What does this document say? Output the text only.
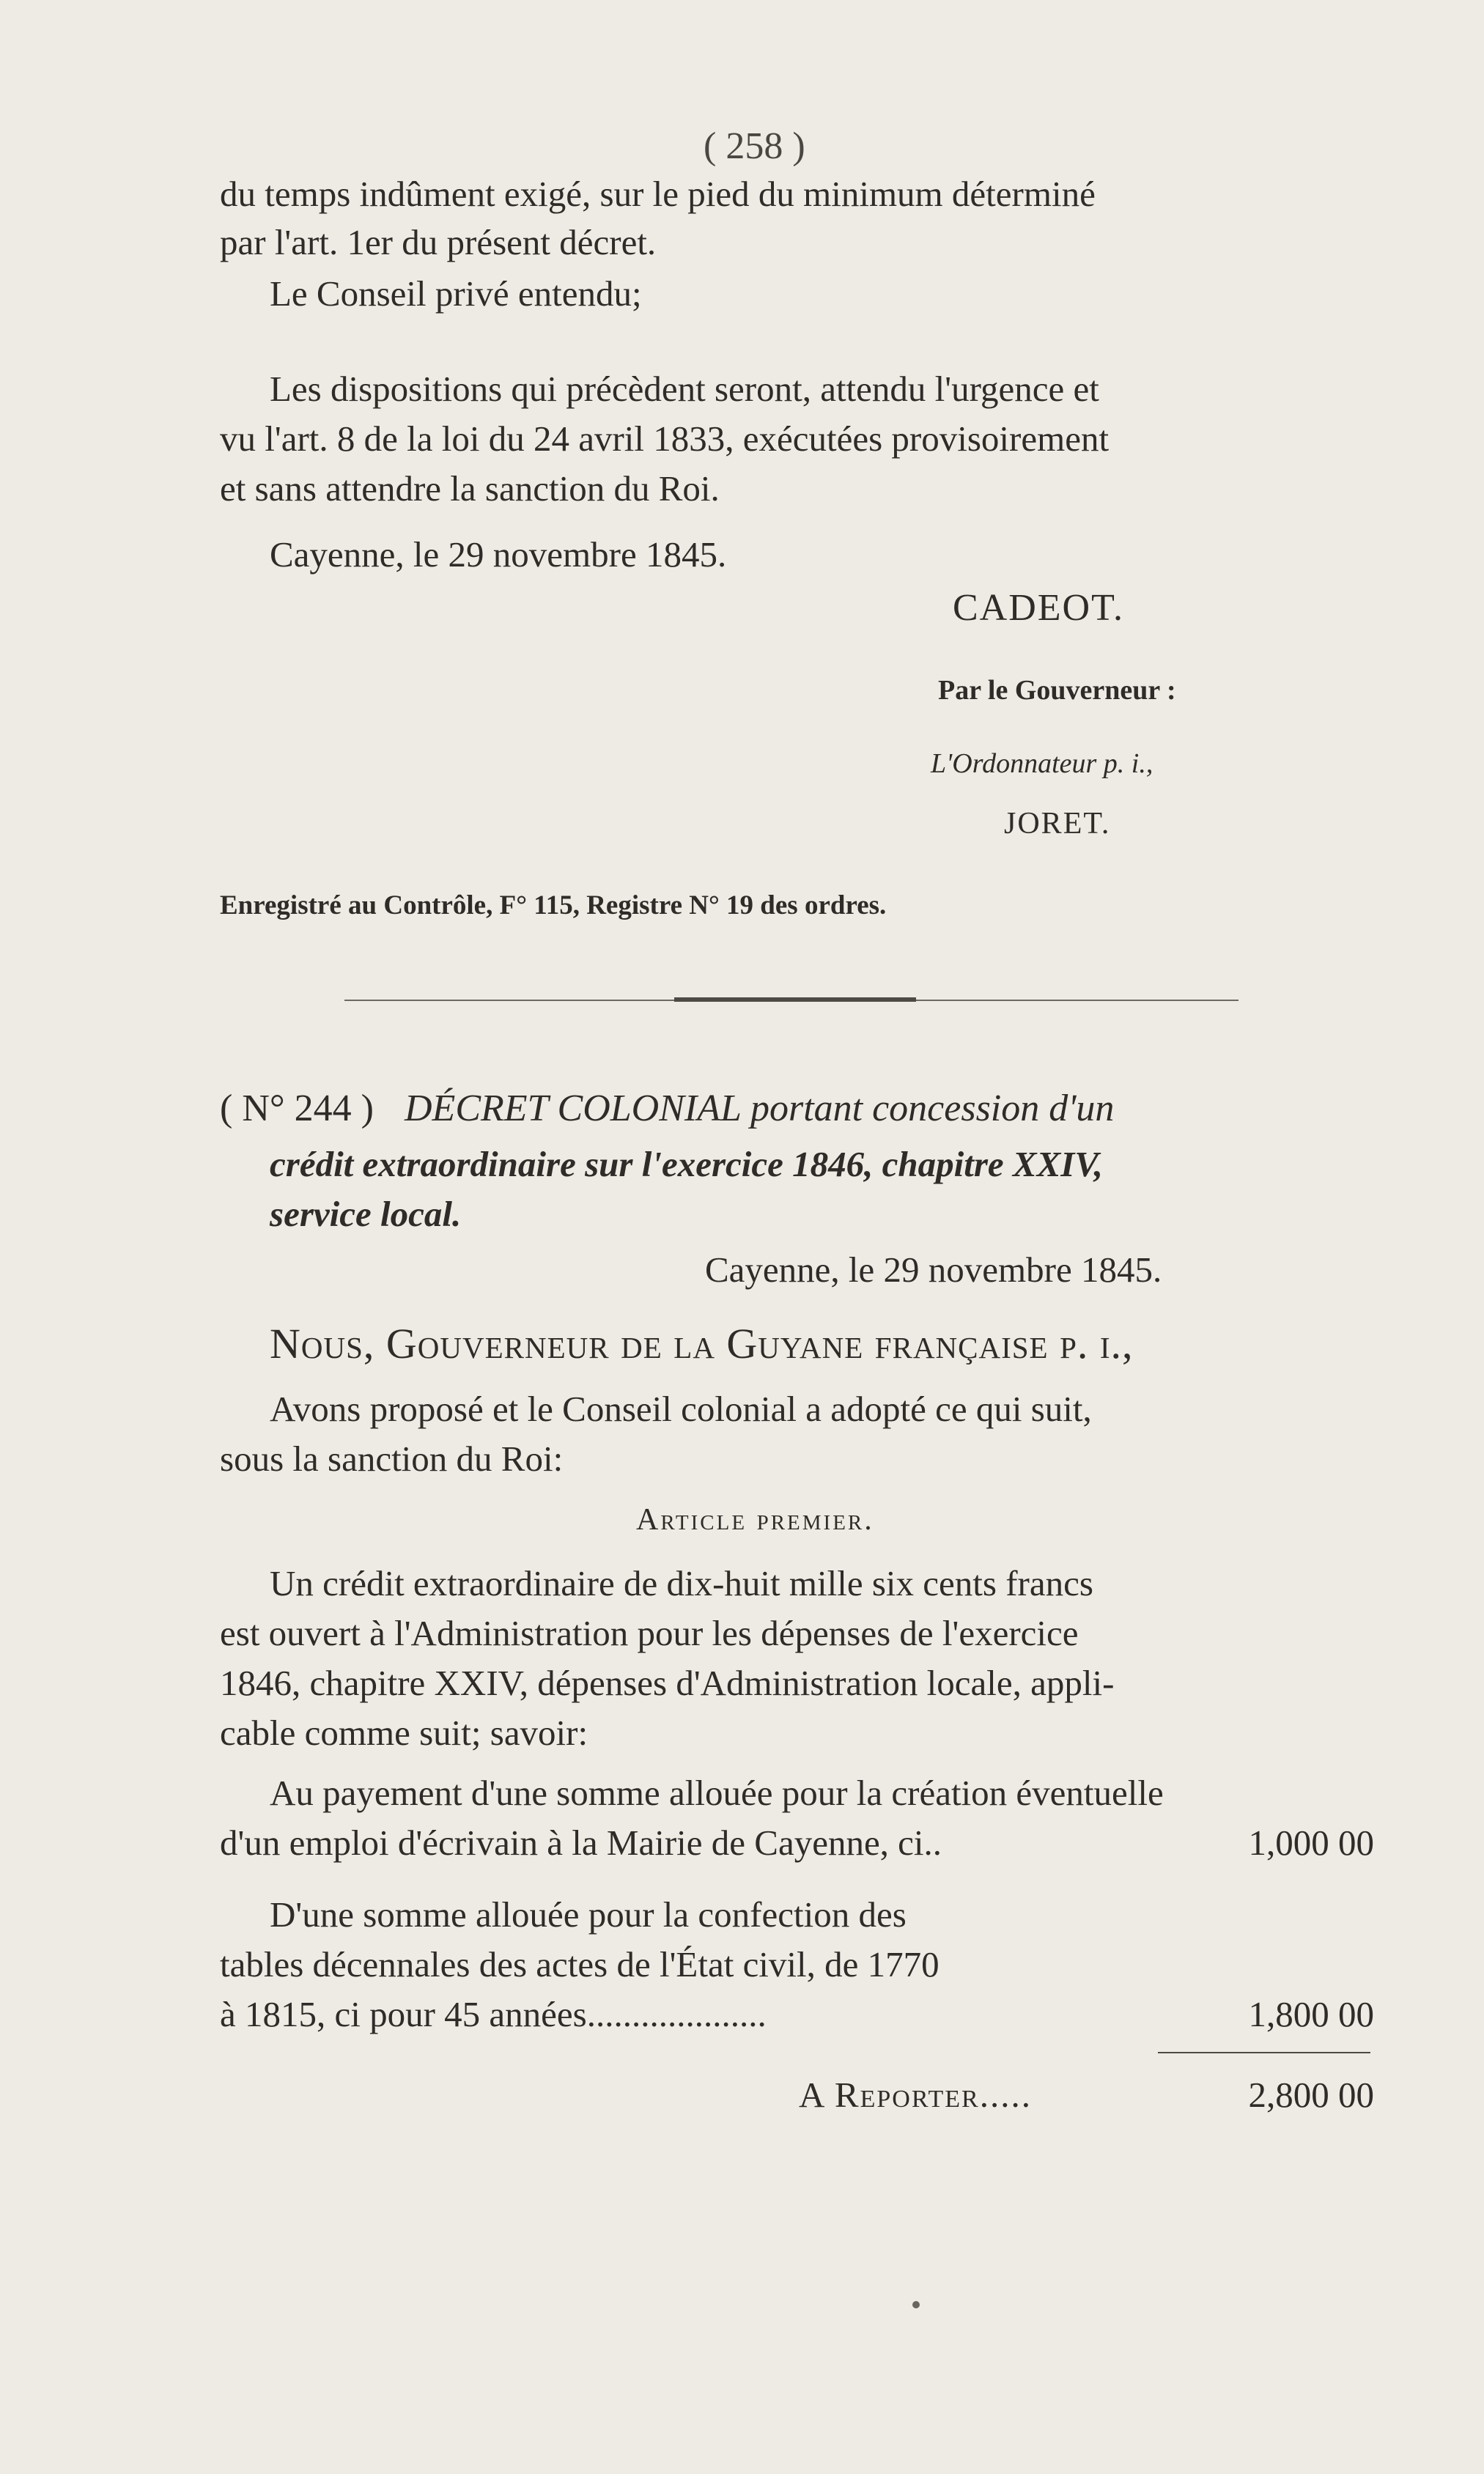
( 258 )
du temps indûment exigé, sur le pied du minimum déterminé
par l'art. 1er du présent décret.
Le Conseil privé entendu;
Les dispositions qui précèdent seront, attendu l'urgence et
vu l'art. 8 de la loi du 24 avril 1833, exécutées provisoirement
et sans attendre la sanction du Roi.
Cayenne, le 29 novembre 1845.
CADEOT.
Par le Gouverneur :
L'Ordonnateur p. i.,
JORET.
Enregistré au Contrôle, F° 115, Registre N° 19 des ordres.
( N° 244 ) DÉCRET COLONIAL portant concession d'un
crédit extraordinaire sur l'exercice 1846, chapitre XXIV,
service local.
Cayenne, le 29 novembre 1845.
Nous, Gouverneur de la Guyane française p. i.,
Avons proposé et le Conseil colonial a adopté ce qui suit,
sous la sanction du Roi:
Article premier.
Un crédit extraordinaire de dix-huit mille six cents francs
est ouvert à l'Administration pour les dépenses de l'exercice
1846, chapitre XXIV, dépenses d'Administration locale, appli-
cable comme suit; savoir:
Au payement d'une somme allouée pour la création éventuelle
d'un emploi d'écrivain à la Mairie de Cayenne, ci..	1,000 00
D'une somme allouée pour la confection des
tables décennales des actes de l'État civil, de 1770
à 1815, ci pour 45 années....................	1,800 00
A Reporter.....	2,800 00
